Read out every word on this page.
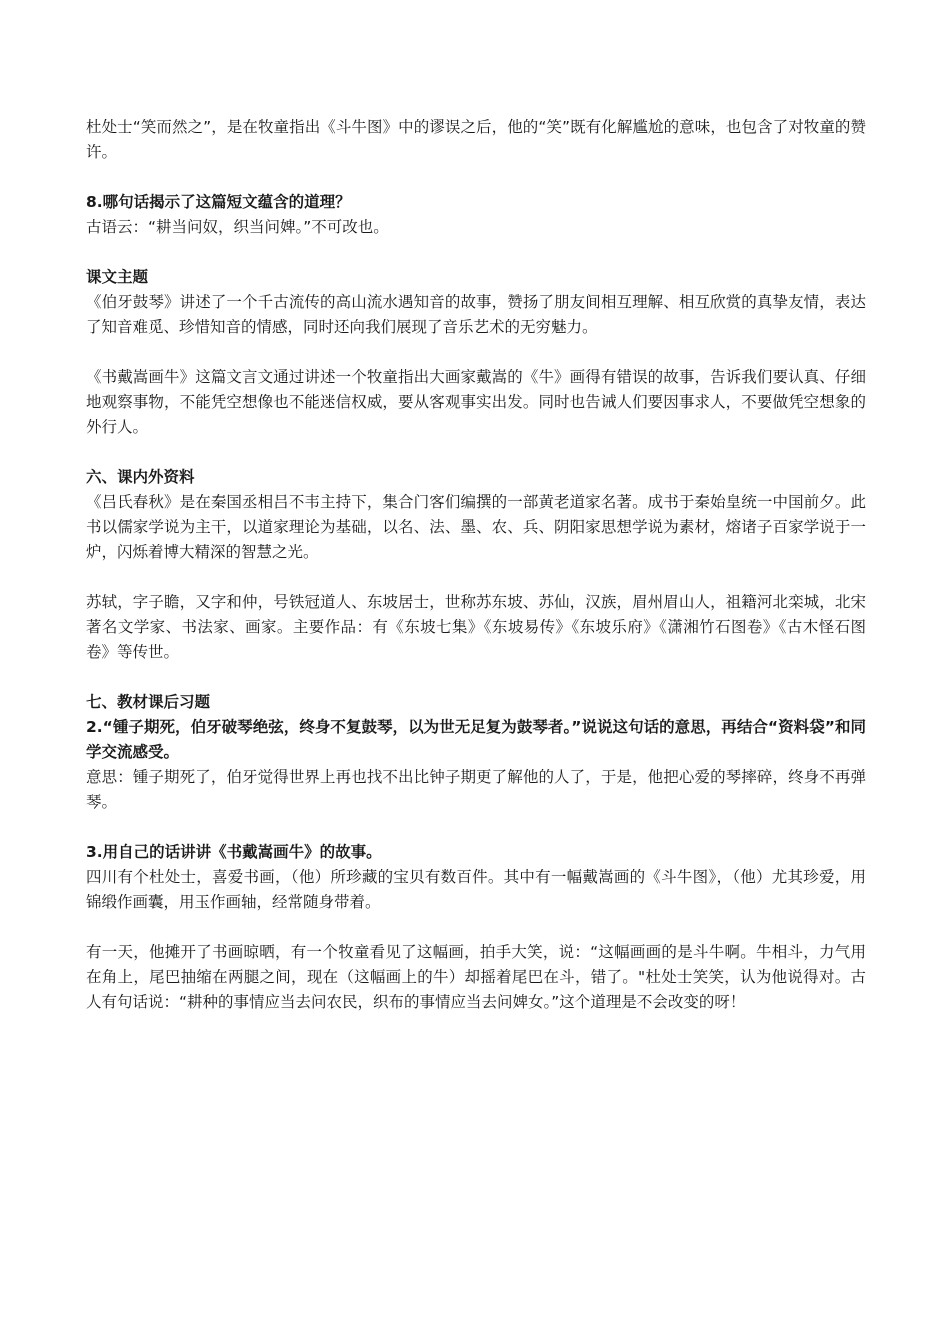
杜处士“笑而然之”，是在牧童指出《斗牛图》中的谬误之后，他的“笑”既有化解尴尬的意味，也包含了对牧童的赞许。

8.哪句话揭示了这篇短文蕴含的道理？

古语云：“耕当问奴，织当问婢。”不可改也。

课文主题

《伯牙鼓琴》讲述了一个千古流传的高山流水遇知音的故事，赞扬了朋友间相互理解、相互欣赏的真挚友情，表达了知音难觅、珍惜知音的情感，同时还向我们展现了音乐艺术的无穷魅力。

《书戴嵩画牛》这篇文言文通过讲述一个牧童指出大画家戴嵩的《牛》画得有错误的故事，告诉我们要认真、仔细地观察事物，不能凭空想像也不能迷信权威，要从客观事实出发。同时也告诫人们要因事求人，不要做凭空想象的外行人。

六、课内外资料

《吕氏春秋》是在秦国丞相吕不韦主持下，集合门客们编撰的一部黄老道家名著。成书于秦始皇统一中国前夕。此书以儒家学说为主干，以道家理论为基础，以名、法、墨、农、兵、阴阳家思想学说为素材，熔诸子百家学说于一炉，闪烁着博大精深的智慧之光。

苏轼，字子瞻，又字和仲，号铁冠道人、东坡居士，世称苏东坡、苏仙，汉族，眉州眉山人，祖籍河北栾城，北宋著名文学家、书法家、画家。主要作品：有《东坡七集》《东坡易传》《东坡乐府》《潇湘竹石图卷》《古木怪石图卷》等传世。

七、教材课后习题

2.“锺子期死，伯牙破琴绝弦，终身不复鼓琴，以为世无足复为鼓琴者。”说说这句话的意思，再结合“资料袋”和同学交流感受。

意思：锺子期死了，伯牙觉得世界上再也找不出比钟子期更了解他的人了，于是，他把心爱的琴摔碎，终身不再弹琴。

3.用自己的话讲讲《书戴嵩画牛》的故事。

四川有个杜处士，喜爱书画，（他）所珍藏的宝贝有数百件。其中有一幅戴嵩画的《斗牛图》，（他）尤其珍爱，用锦缎作画囊，用玉作画轴，经常随身带着。

有一天，他摊开了书画晾晒，有一个牧童看见了这幅画，拍手大笑，说：“这幅画画的是斗牛啊。牛相斗，力气用在角上，尾巴抽缩在两腿之间，现在（这幅画上的牛）却摇着尾巴在斗，错了。"杜处士笑笑，认为他说得对。古人有句话说：“耕种的事情应当去问农民，织布的事情应当去问婢女。”这个道理是不会改变的呀！
